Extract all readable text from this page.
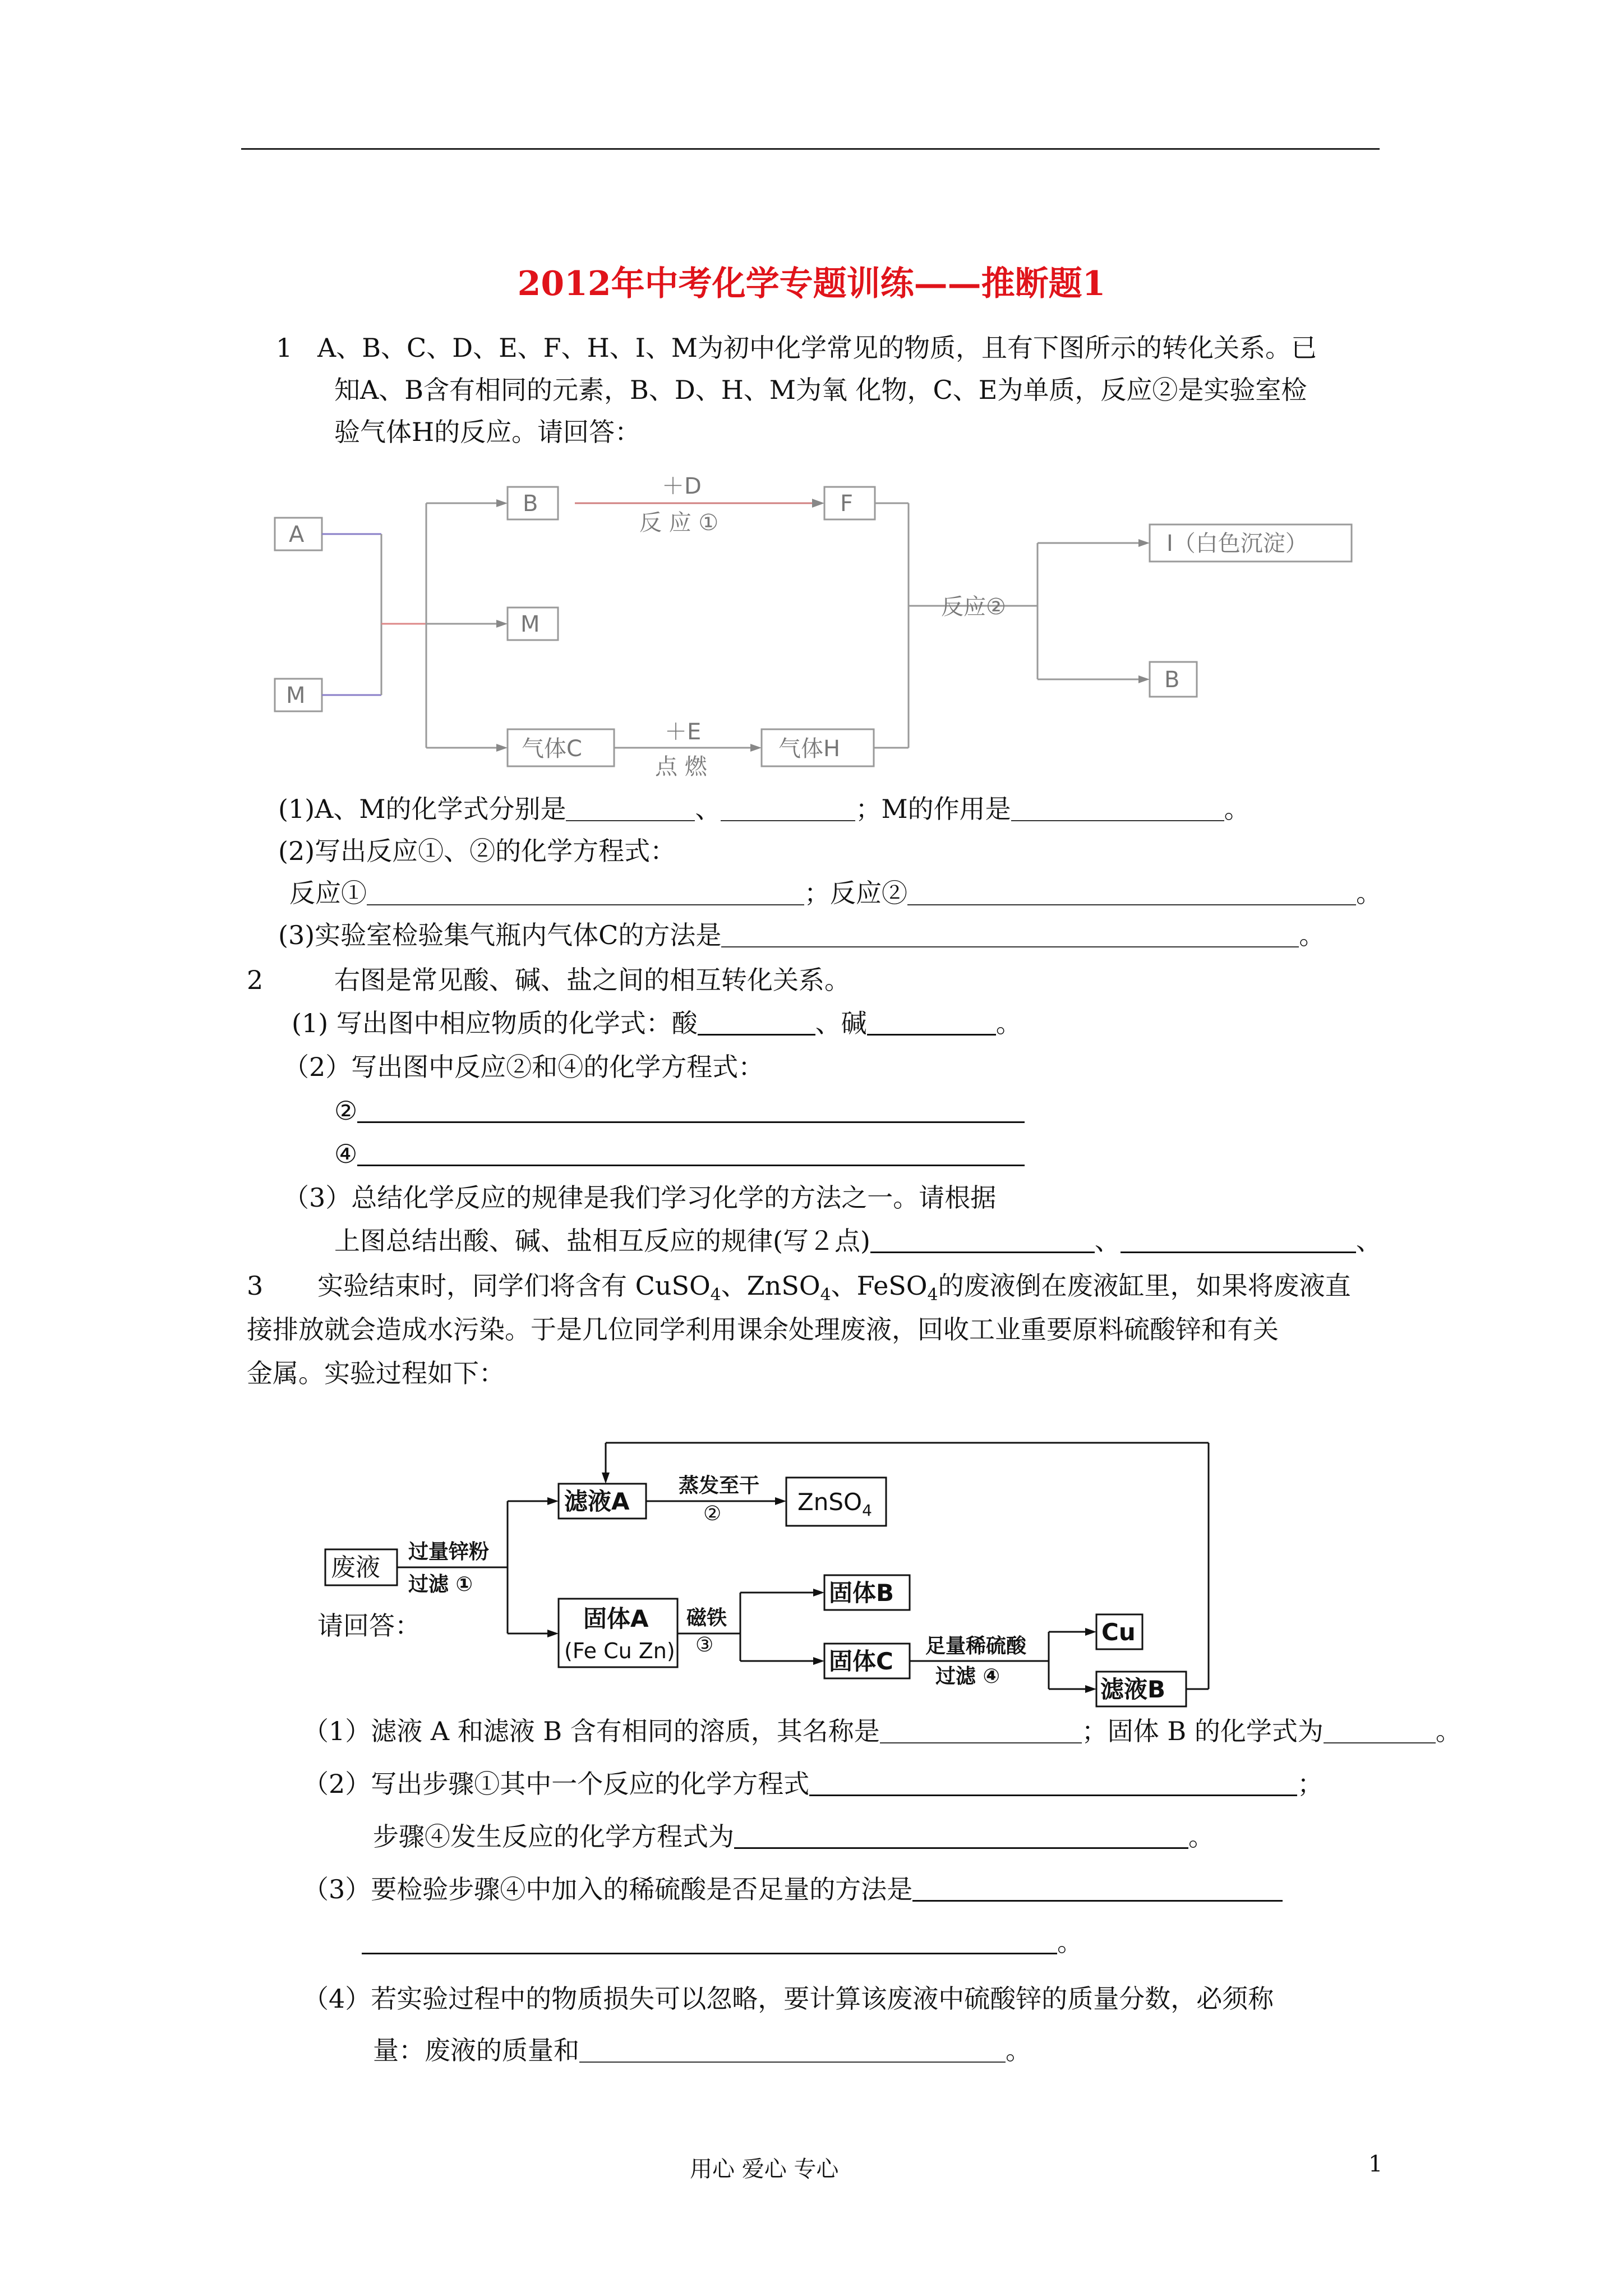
2012年中考化学专题训练——推断题1
1 A、B、C、D、E、F、H、I、M为初中化学常见的物质，且有下图所示的转化关系。已
知A、B含有相同的元素，B、D、H、M为氧 化物，C、E为单质，反应②是实验室检
验气体H的反应。请回答：
A
M
B
M
气体C
F
气体H
I（白色沉淀）
B
＋D
反 应 ①
＋E
点 燃
反应②
(1)A、M的化学式分别是	、	；M的作用是	。
(2)写出反应①、②的化学方程式：
反应①	；反应②	。
(3)实验室检验集气瓶内气体C的方法是	。
2	右图是常见酸、碱、盐之间的相互转化关系。
(1) 写出图中相应物质的化学式：酸	、碱	。
（2）写出图中反应②和④的化学方程式：
②
④
（3）总结化学反应的规律是我们学习化学的方法之一。请根据
上图总结出酸、碱、盐相互反应的规律(写２点)	、	、
3 实验结束时，同学们将含有 CuSO$_4$、ZnSO$_4$、FeSO$_4$的废液倒在废液缸里，如果将废液直
接排放就会造成水污染。于是几位同学利用课余处理废液，回收工业重要原料硫酸锌和有关
金属。实验过程如下：
废液
过量锌粉
过滤 ①
滤液A
蒸发至干
②	ZnSO$_4$
固体A
(Fe Cu Zn)
磁铁
③
固体B
固体C
足量稀硫酸
过滤 ④
Cu
滤液B
请回答：
（1）滤液 A 和滤液 B 含有相同的溶质，其名称是	；固体 B 的化学式为	。
（2）写出步骤①其中一个反应的化学方程式	；
步骤④发生反应的化学方程式为	。
（3）要检验步骤④中加入的稀硫酸是否足量的方法是
。
（4）若实验过程中的物质损失可以忽略，要计算该废液中硫酸锌的质量分数，必须称
量：废液的质量和	。
用心 爱心 专心	1
